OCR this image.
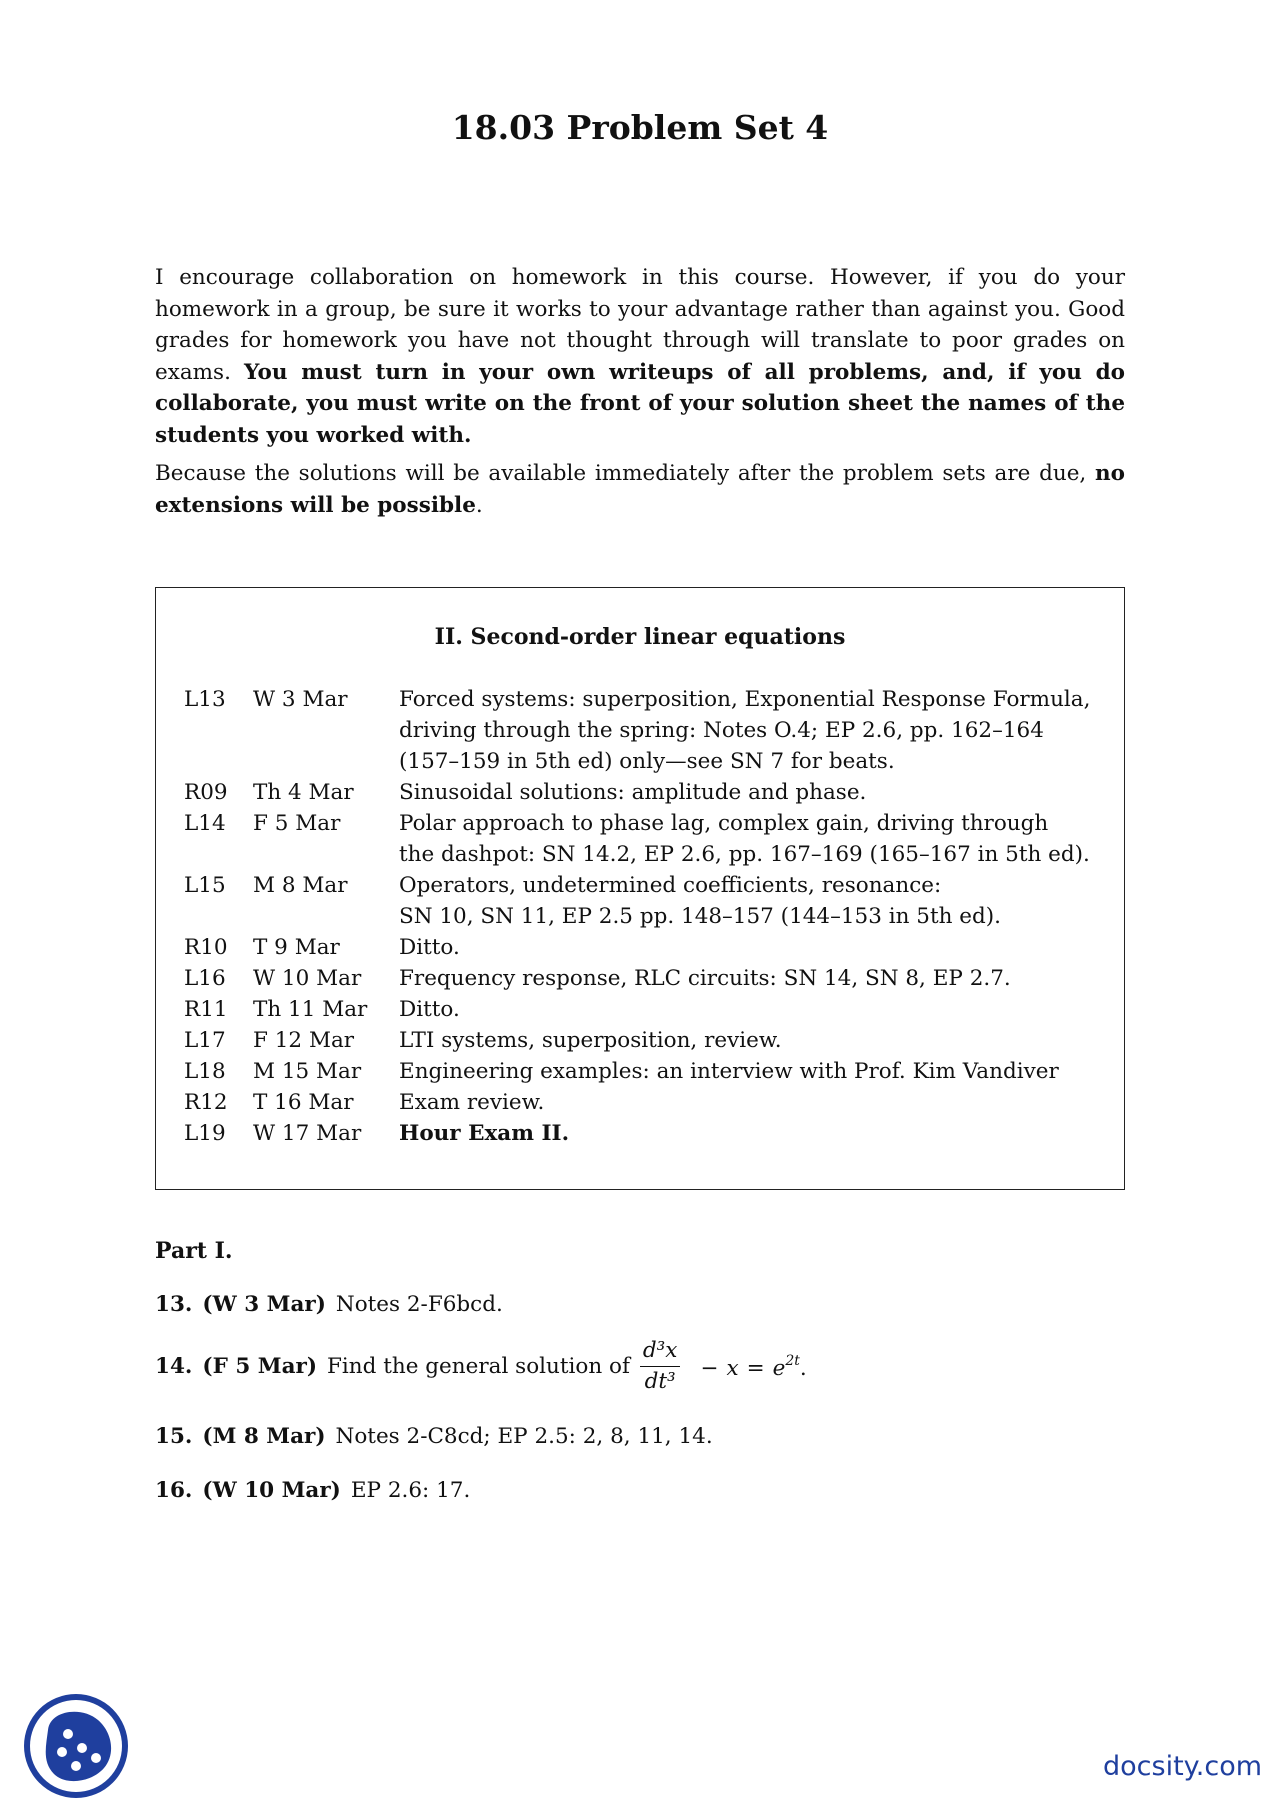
18.03 Problem Set 4
I encourage collaboration on homework in this course. However, if you do your homework in a group, be sure it works to your advantage rather than against you. Good grades for homework you have not thought through will translate to poor grades on exams. You must turn in your own writeups of all problems, and, if you do collaborate, you must write on the front of your solution sheet the names of the students you worked with.
Because the solutions will be available immediately after the problem sets are due, no extensions will be possible.
II. Second-order linear equations
L13	W 3 Mar	Forced systems: superposition, Exponential Response Formula,
driving through the spring: Notes O.4; EP 2.6, pp. 162–164
(157–159 in 5th ed) only—see SN 7 for beats.
R09	Th 4 Mar	Sinusoidal solutions: amplitude and phase.
L14	F 5 Mar	Polar approach to phase lag, complex gain, driving through
the dashpot: SN 14.2, EP 2.6, pp. 167–169 (165–167 in 5th ed).
L15	M 8 Mar	Operators, undetermined coefficients, resonance:
SN 10, SN 11, EP 2.5 pp. 148–157 (144–153 in 5th ed).
R10	T 9 Mar	Ditto.
L16	W 10 Mar	Frequency response, RLC circuits: SN 14, SN 8, EP 2.7.
R11	Th 11 Mar	Ditto.
L17	F 12 Mar	LTI systems, superposition, review.
L18	M 15 Mar	Engineering examples: an interview with Prof. Kim Vandiver
R12	T 16 Mar	Exam review.
L19	W 17 Mar	Hour Exam II.
Part I.
13. (W 3 Mar) Notes 2-F6bcd.
14. (F 5 Mar) Find the general solution of $\frac{\text{d³x}}{\text{dt³}} - x = e^{2t}$.
15. (M 8 Mar) Notes 2-C8cd; EP 2.5: 2, 8, 11, 14.
16. (W 10 Mar) EP 2.6: 17.
docsity.com
